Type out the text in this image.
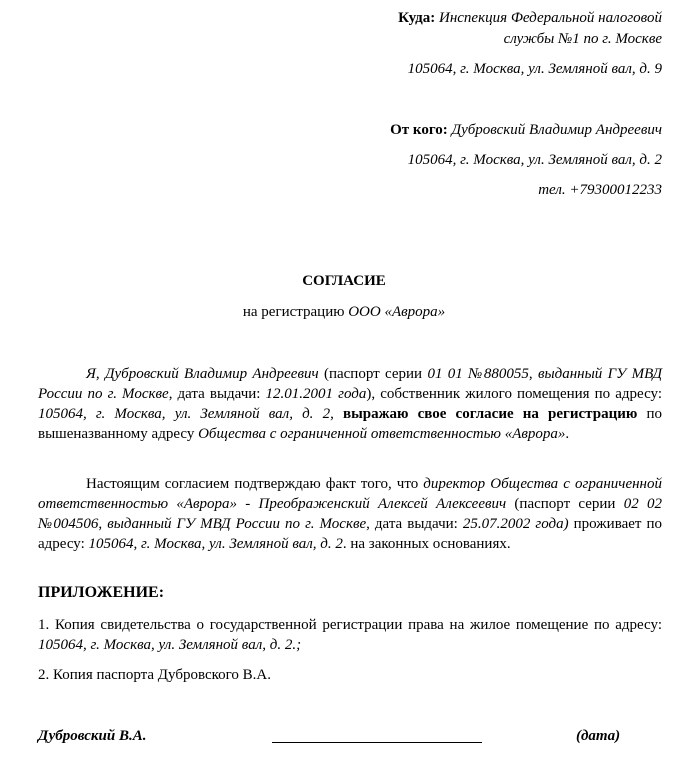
Куда: Инспекция Федеральной налоговой
службы №1 по г. Москве
105064, г. Москва, ул. Земляной вал, д. 9
От кого: Дубровский Владимир Андреевич
105064, г. Москва, ул. Земляной вал, д. 2
тел. +79300012233
СОГЛАСИЕ
на регистрацию ООО «Аврора»
Я, Дубровский Владимир Андреевич (паспорт серии 01 01 №880055, выданный ГУ МВД России по г. Москве, дата выдачи: 12.01.2001 года), собственник жилого помещения по адресу: 105064, г. Москва, ул. Земляной вал, д. 2, выражаю свое согласие на регистрацию по вышеназванному адресу Общества с ограниченной ответственностью «Аврора».
Настоящим согласием подтверждаю факт того, что директор Общества с ограниченной ответственностью «Аврора» - Преображенский Алексей Алексеевич (паспорт серии 02 02 №004506, выданный ГУ МВД России по г. Москве, дата выдачи: 25.07.2002 года) проживает по адресу: 105064, г. Москва, ул. Земляной вал, д. 2. на законных основаниях.
ПРИЛОЖЕНИЕ:
1. Копия свидетельства о государственной регистрации права на жилое помещение по адресу: 105064, г. Москва, ул. Земляной вал, д. 2.;
2. Копия паспорта Дубровского В.А.
Дубровский В.А.	(дата)
